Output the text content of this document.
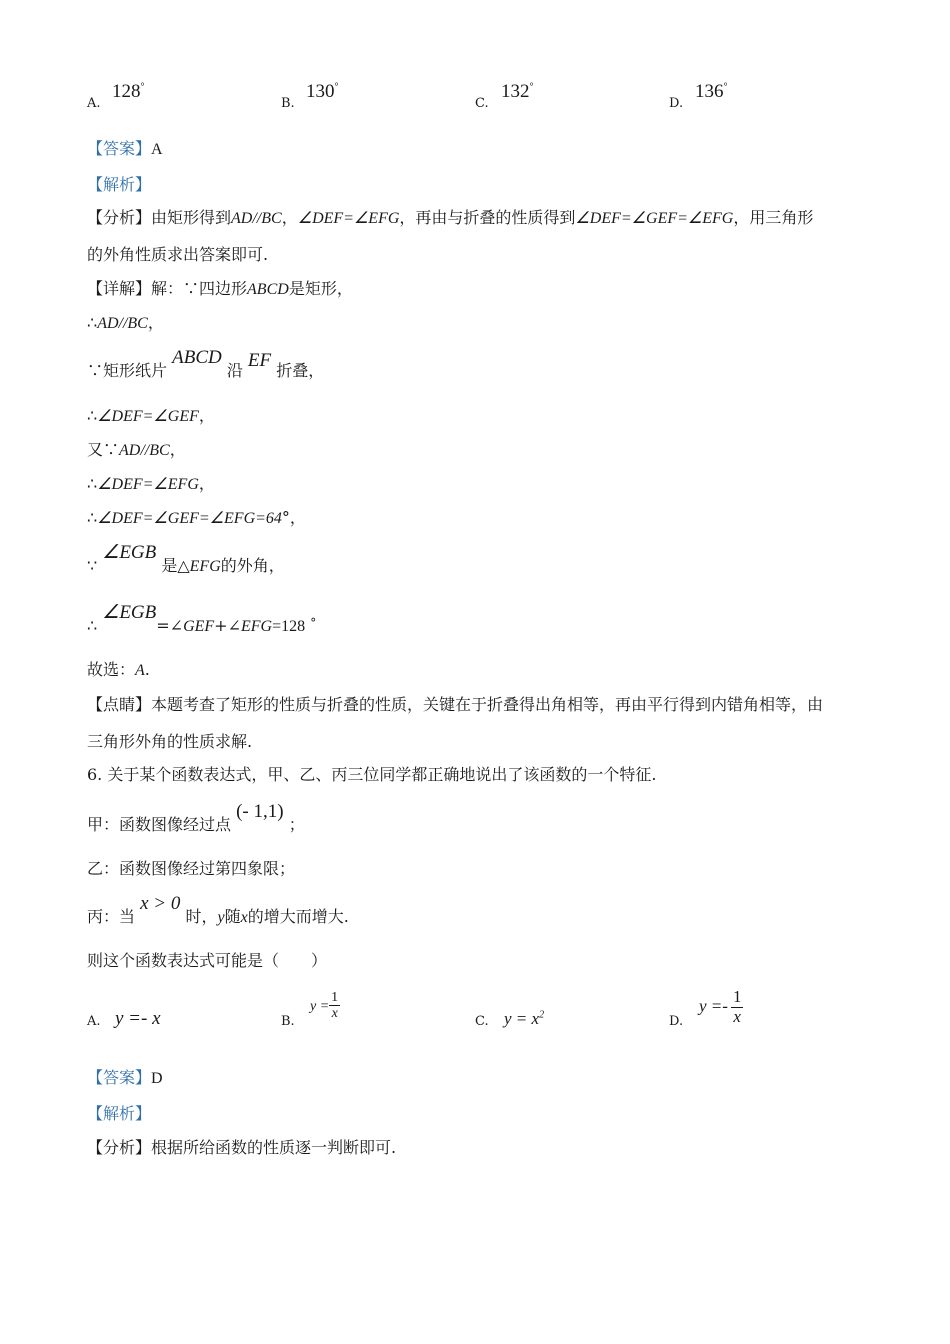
A.
128°
B.
130°
C.
132°
D.
136°
【答案】A
【解析】
【分析】由矩形得到AD//BC，∠DEF=∠EFG，再由与折叠的性质得到∠DEF=∠GEF=∠EFG，用三角形
的外角性质求出答案即可.
【详解】解：∵四边形ABCD是矩形，
∴AD//BC，
∵矩形纸片 ABCD 沿 EF 折叠，
∴∠DEF=∠GEF，
又∵AD//BC，
∴∠DEF=∠EFG，
∴∠DEF=∠GEF=∠EFG=64°，
∵ ∠EGB 是△EFG的外角，
∴ ∠EGB=∠GEF+∠EFG=128 °
故选：A.
【点睛】本题考查了矩形的性质与折叠的性质，关键在于折叠得出角相等，再由平行得到内错角相等，由
三角形外角的性质求解.
6. 关于某个函数表达式，甲、乙、丙三位同学都正确地说出了该函数的一个特征.
甲：函数图像经过点 (- 1,1) ；
乙：函数图像经过第四象限；
丙：当 x > 0 时，y随x的增大而增大.
则这个函数表达式可能是（　　）
A. y =- x	B.
$y = \frac{1}{x}$	C. $y = x^2$	D.
$y =- \frac{1}{x}$
【答案】D
【解析】
【分析】根据所给函数的性质逐一判断即可.
